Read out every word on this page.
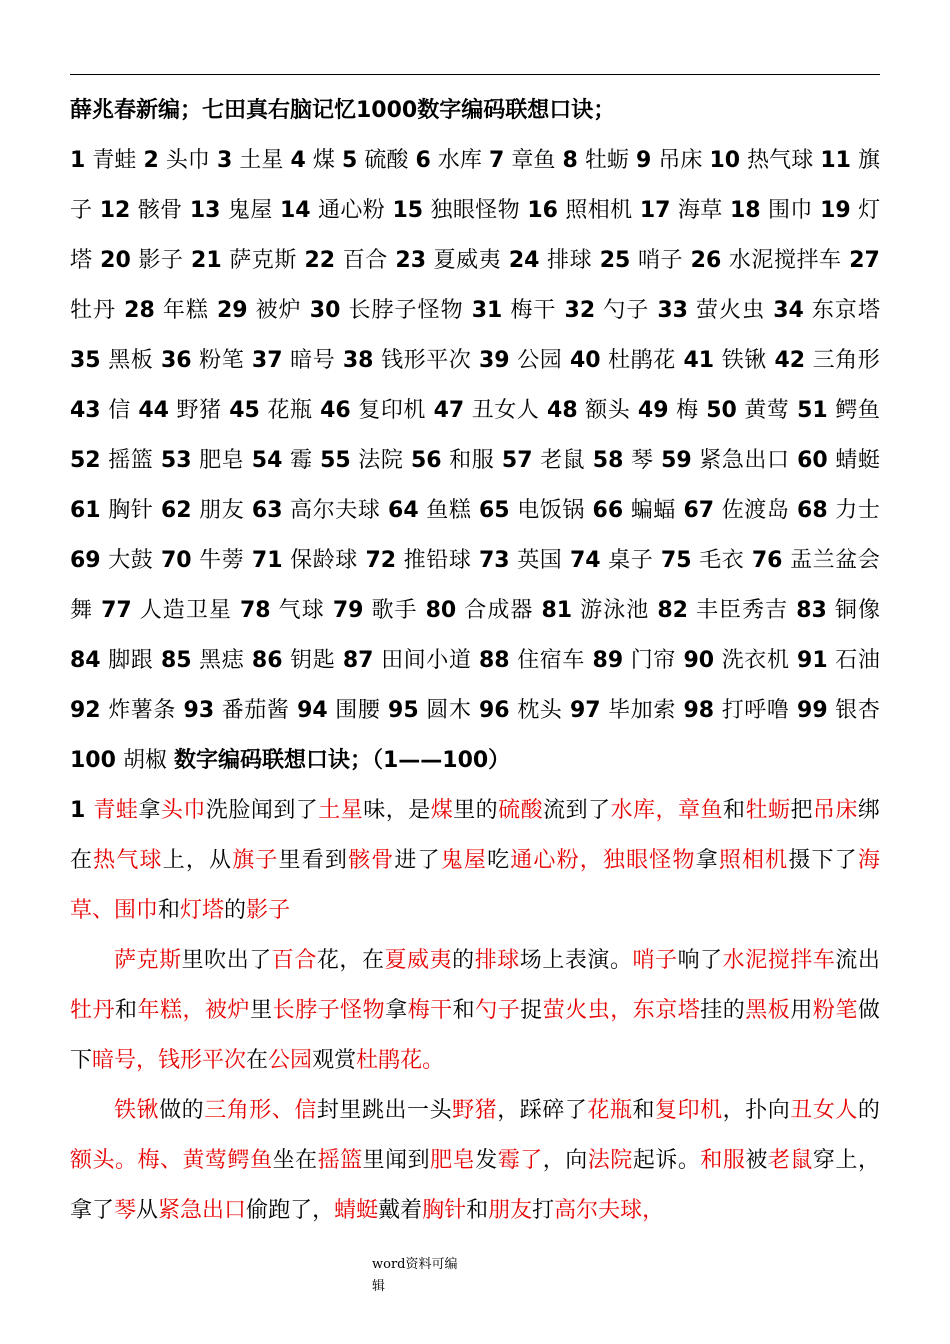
薛兆春新编；七田真右脑记忆1000数字编码联想口诀；

1 青蛙 2 头巾 3 土星 4 煤 5 硫酸 6 水库 7 章鱼 8 牡蛎 9 吊床 10 热气球 11 旗子 12 骸骨 13 鬼屋 14 通心粉 15 独眼怪物 16 照相机 17 海草 18 围巾 19 灯塔 20 影子 21 萨克斯 22 百合 23 夏威夷 24 排球 25 哨子 26 水泥搅拌车 27 牡丹 28 年糕 29 被炉 30 长脖子怪物 31 梅干 32 勺子 33 萤火虫 34 东京塔 35 黑板 36 粉笔 37 暗号 38 钱形平次 39 公园 40 杜鹃花 41 铁锹 42 三角形 43 信 44 野猪 45 花瓶 46 复印机 47 丑女人 48 额头 49 梅 50 黄莺 51 鳄鱼 52 摇篮 53 肥皂 54 霉 55 法院 56 和服 57 老鼠 58 琴 59 紧急出口 60 蜻蜓 61 胸针 62 朋友 63 高尔夫球 64 鱼糕 65 电饭锅 66 蝙蝠 67 佐渡岛 68 力士 69 大鼓 70 牛蒡 71 保龄球 72 推铅球 73 英国 74 桌子 75 毛衣 76 盂兰盆会舞 77 人造卫星 78 气球 79 歌手 80 合成器 81 游泳池 82 丰臣秀吉 83 铜像 84 脚跟 85 黑痣 86 钥匙 87 田间小道 88 住宿车 89 门帘 90 洗衣机 91 石油 92 炸薯条 93 番茄酱 94 围腰 95 圆木 96 枕头 97 毕加索 98 打呼噜 99 银杏 100 胡椒 数字编码联想口诀；（1——100）

1 青蛙拿头巾洗脸闻到了土星味，是煤里的硫酸流到了水库，章鱼和牡蛎把吊床绑在热气球上，从旗子里看到骸骨进了鬼屋吃通心粉，独眼怪物拿照相机摄下了海草、围巾和灯塔的影子

萨克斯里吹出了百合花，在夏威夷的排球场上表演。哨子响了水泥搅拌车流出牡丹和年糕，被炉里长脖子怪物拿梅干和勺子捉萤火虫，东京塔挂的黑板用粉笔做下暗号，钱形平次在公园观赏杜鹃花。

铁锹做的三角形、信封里跳出一头野猪，踩碎了花瓶和复印机，扑向丑女人的额头。梅、黄莺鳄鱼坐在摇篮里闻到肥皂发霉了，向法院起诉。和服被老鼠穿上，拿了琴从紧急出口偷跑了，蜻蜓戴着胸针和朋友打高尔夫球，

word资料可编辑
